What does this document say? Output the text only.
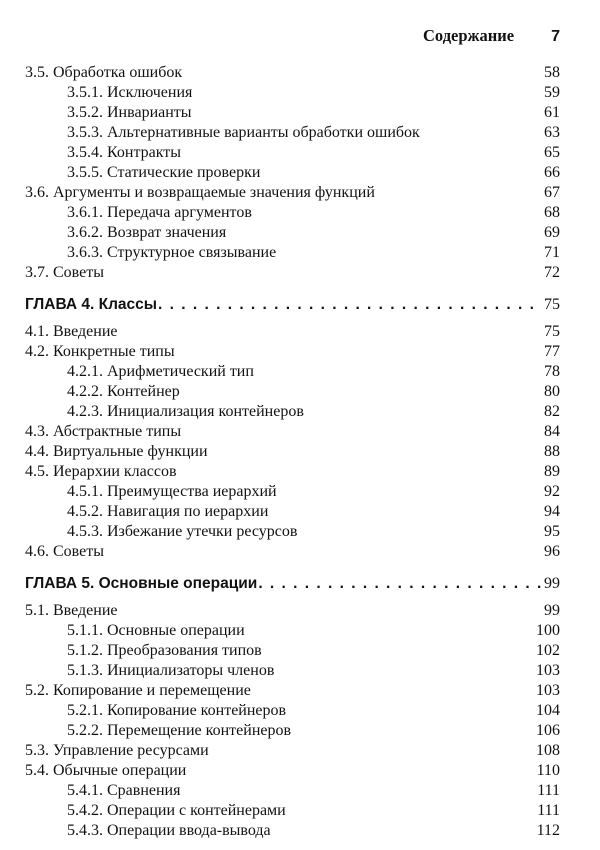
Содержание 7
3.5. Обработка ошибок	58
3.5.1. Исключения	59
3.5.2. Инварианты	61
3.5.3. Альтернативные варианты обработки ошибок	63
3.5.4. Контракты	65
3.5.5. Статические проверки	66
3.6. Аргументы и возвращаемые значения функций	67
3.6.1. Передача аргументов	68
3.6.2. Возврат значения	69
3.6.3. Структурное связывание	71
3.7. Советы	72
ГЛАВА 4. Классы . . .	75
4.1. Введение	75
4.2. Конкретные типы	77
4.2.1. Арифметический тип	78
4.2.2. Контейнер	80
4.2.3. Инициализация контейнеров	82
4.3. Абстрактные типы	84
4.4. Виртуальные функции	88
4.5. Иерархии классов	89
4.5.1. Преимущества иерархий	92
4.5.2. Навигация по иерархии	94
4.5.3. Избежание утечки ресурсов	95
4.6. Советы	96
ГЛАВА 5. Основные операции . . .	99
5.1. Введение	99
5.1.1. Основные операции	100
5.1.2. Преобразования типов	102
5.1.3. Инициализаторы членов	103
5.2. Копирование и перемещение	103
5.2.1. Копирование контейнеров	104
5.2.2. Перемещение контейнеров	106
5.3. Управление ресурсами	108
5.4. Обычные операции	110
5.4.1. Сравнения	111
5.4.2. Операции с контейнерами	111
5.4.3. Операции ввода-вывода	112
